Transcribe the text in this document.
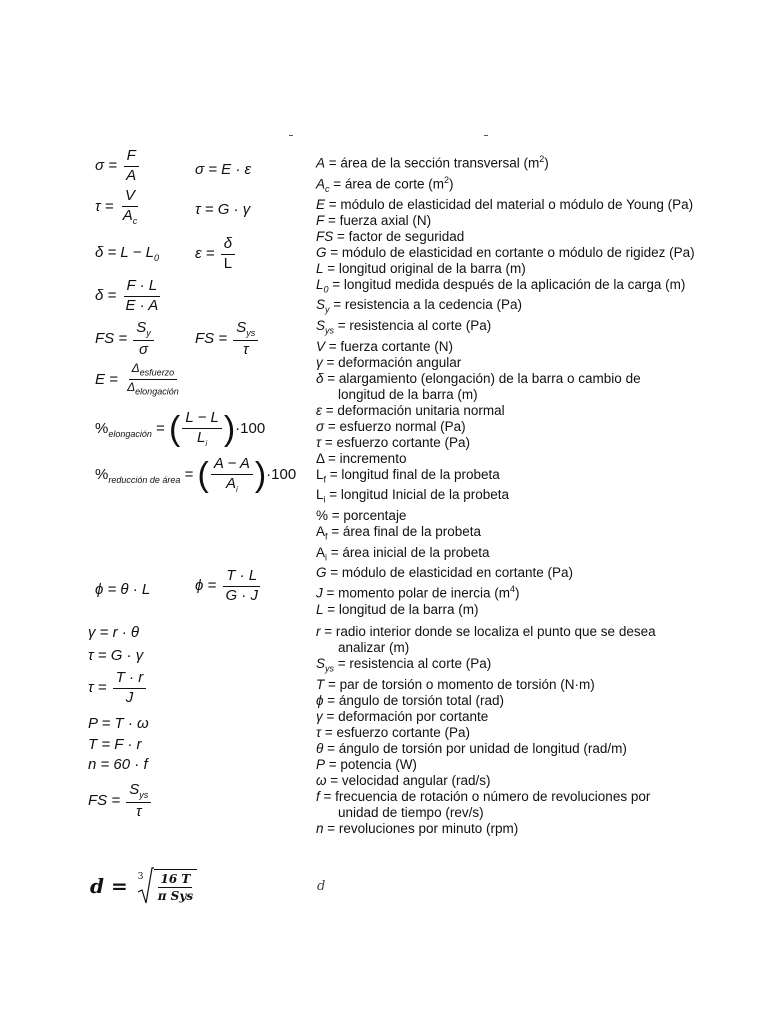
$\sigma = \frac{F}{A}$	σ = E · ε
$\tau = \frac{V}{A_c}$	τ = G · γ
$\delta = L - L_0$ $\varepsilon = \frac{\delta}{L}$
$\delta = \frac{F \cdot L}{E \cdot A}$
FS = $\frac{S_y}{\sigma}$	FS = $\frac{S_{ys}}{\tau}$
$E = \frac{\Delta_{esfuerzo}}{\Delta_{elongación}}$
$\%_{elongación}$ = ( $\frac{L - L}{L_i} )\cdot 100$
$\%_{reducción de área}$ = ( $\frac{A - A}{A_i} )\cdot 100$
A = área de la sección transversal $(m^2)$
$A_c$ = área de corte $(m^2)$
E = módulo de elasticidad del material o módulo de Young (Pa)
F = fuerza axial (N)
FS = factor de seguridad
G = módulo de elasticidad en cortante o módulo de rigidez (Pa)
L = longitud original de la barra (m)
$L_0$ = longitud medida después de la aplicación de la carga (m)
$S_y$ = resistencia a la cedencia (Pa)
$S_{ys}$ = resistencia al corte (Pa)
V = fuerza cortante (N)
γ = deformación angular
δ = alargamiento (elongación) de la barra o cambio de
longitud de la barra (m)
ε = deformación unitaria normal
σ = esfuerzo normal (Pa)
τ = esfuerzo cortante (Pa)
Δ = incremento
$L_f$ = longitud final de la probeta
$L_i$ = longitud Inicial de la probeta
% = porcentaje
$A_f$ = área final de la probeta
$A_i$ = área inicial de la probeta
ϕ = θ · L	$\phi = \frac{T \cdot L}{G \cdot J}$
γ = r · θ
τ = G · γ
$\tau = \frac{T \cdot r}{J}$
P = T · ω
T = F · r
n = 60 · f
FS = $\frac{S_{ys}}{\tau}$
G = módulo de elasticidad en cortante (Pa)
J = momento polar de inercia $(m^4)$
L = longitud de la barra (m)
r = radio interior donde se localiza el punto que se desea
analizar (m)
$S_{ys}$ = resistencia al corte (Pa)
T = par de torsión o momento de torsión (N·m)
ϕ = ángulo de torsión total (rad)
γ = deformación por cortante
τ = esfuerzo cortante (Pa)
θ = ángulo de torsión por unidad de longitud (rad/m)
P = potencia (W)
ω = velocidad angular (rad/s)
f = frecuencia de rotación o número de revoluciones por
unidad de tiempo (rev/s)
n = revoluciones por minuto (rpm)
d = 3 16 T
π Sys
d
